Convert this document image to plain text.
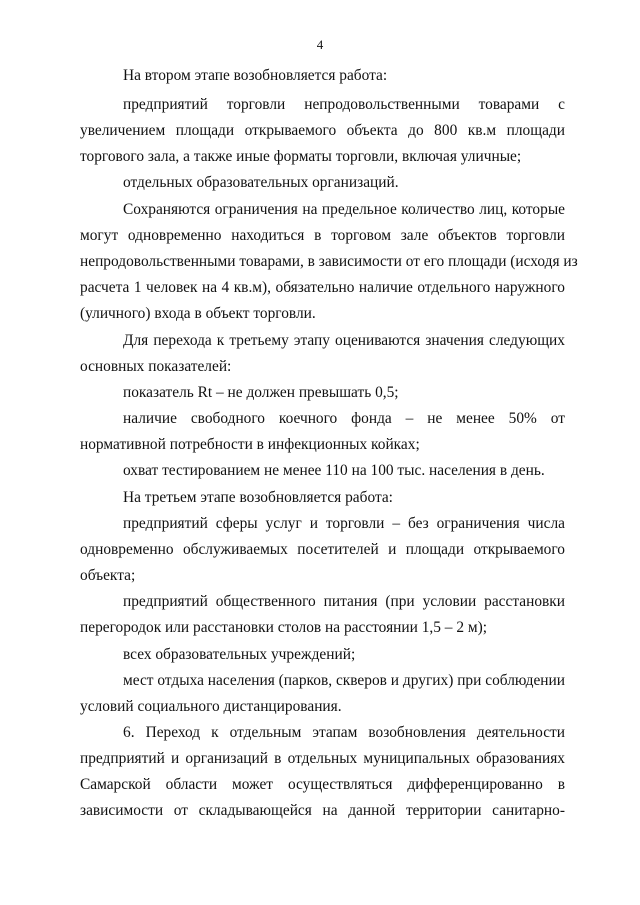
4
На втором этапе возобновляется работа:
предприятий торговли непродовольственными товарами с
увеличением площади открываемого объекта до 800 кв.м площади
торгового зала, а также иные форматы торговли, включая уличные;
отдельных образовательных организаций.
Сохраняются ограничения на предельное количество лиц, которые
могут одновременно находиться в торговом зале объектов торговли
непродовольственными товарами, в зависимости от его площади (исходя из
расчета 1 человек на 4 кв.м), обязательно наличие отдельного наружного
(уличного) входа в объект торговли.
Для перехода к третьему этапу оцениваются значения следующих
основных показателей:
показатель Rt – не должен превышать 0,5;
наличие свободного коечного фонда – не менее 50% от
нормативной потребности в инфекционных койках;
охват тестированием не менее 110 на 100 тыс. населения в день.
На третьем этапе возобновляется работа:
предприятий сферы услуг и торговли – без ограничения числа
одновременно обслуживаемых посетителей и площади открываемого
объекта;
предприятий общественного питания (при условии расстановки
перегородок или расстановки столов на расстоянии 1,5 – 2 м);
всех образовательных учреждений;
мест отдыха населения (парков, скверов и других) при соблюдении
условий социального дистанцирования.
6. Переход к отдельным этапам возобновления деятельности
предприятий и организаций в отдельных муниципальных образованиях
Самарской области может осуществляться дифференцированно в
зависимости от складывающейся на данной территории санитарно-
